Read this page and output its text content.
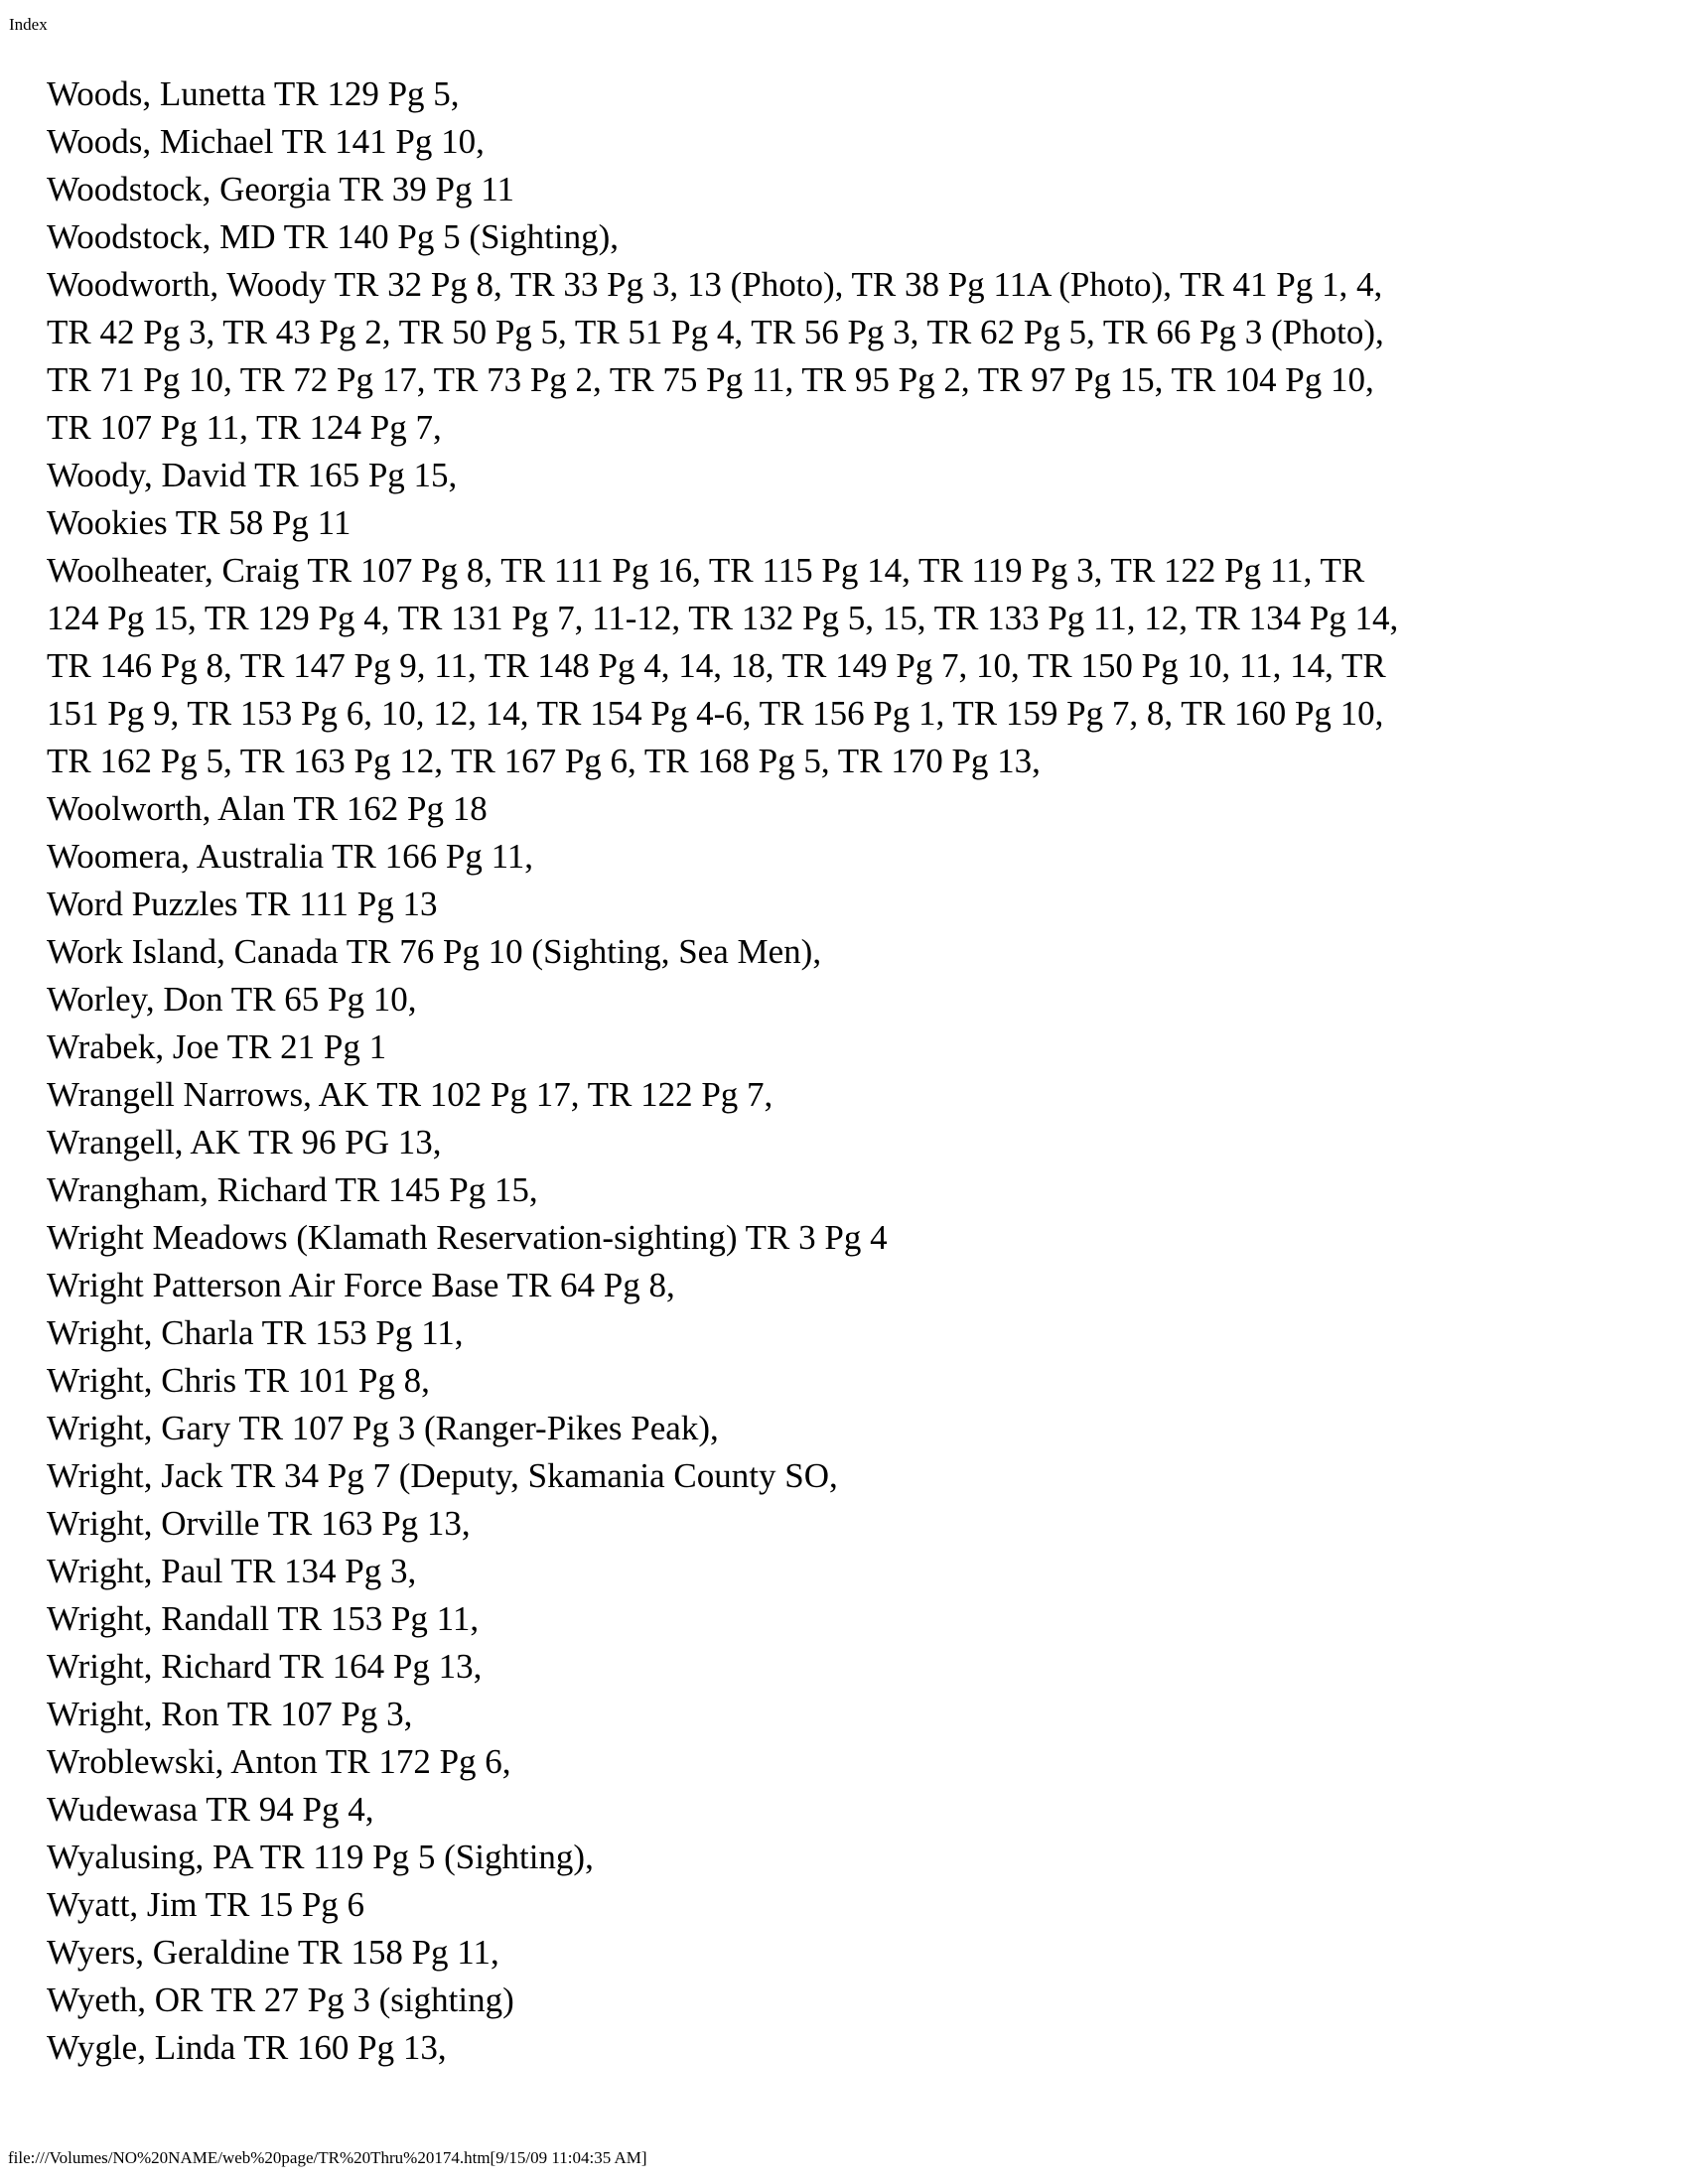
Index
Woods, Lunetta TR 129 Pg 5,
Woods, Michael TR 141 Pg 10,
Woodstock, Georgia TR 39 Pg 11
Woodstock, MD TR 140 Pg 5 (Sighting),
Woodworth, Woody TR 32 Pg 8, TR 33 Pg 3, 13 (Photo), TR 38 Pg 11A (Photo), TR 41 Pg 1, 4,
TR 42 Pg 3, TR 43 Pg 2, TR 50 Pg 5, TR 51 Pg 4, TR 56 Pg 3, TR 62 Pg 5, TR 66 Pg 3 (Photo),
TR 71 Pg 10, TR 72 Pg 17, TR 73 Pg 2, TR 75 Pg 11, TR 95 Pg 2, TR 97 Pg 15, TR 104 Pg 10,
TR 107 Pg 11, TR 124 Pg 7,
Woody, David TR 165 Pg 15,
Wookies TR 58 Pg 11
Woolheater, Craig TR 107 Pg 8, TR 111 Pg 16, TR 115 Pg 14, TR 119 Pg 3, TR 122 Pg 11, TR
124 Pg 15, TR 129 Pg 4, TR 131 Pg 7, 11-12, TR 132 Pg 5, 15, TR 133 Pg 11, 12, TR 134 Pg 14,
TR 146 Pg 8, TR 147 Pg 9, 11, TR 148 Pg 4, 14, 18, TR 149 Pg 7, 10, TR 150 Pg 10, 11, 14, TR
151 Pg 9, TR 153 Pg 6, 10, 12, 14, TR 154 Pg 4-6, TR 156 Pg 1, TR 159 Pg 7, 8, TR 160 Pg 10,
TR 162 Pg 5, TR 163 Pg 12, TR 167 Pg 6, TR 168 Pg 5, TR 170 Pg 13,
Woolworth, Alan TR 162 Pg 18
Woomera, Australia TR 166 Pg 11,
Word Puzzles TR 111 Pg 13
Work Island, Canada TR 76 Pg 10 (Sighting, Sea Men),
Worley, Don TR 65 Pg 10,
Wrabek, Joe TR 21 Pg 1
Wrangell Narrows, AK TR 102 Pg 17, TR 122 Pg 7,
Wrangell, AK TR 96 PG 13,
Wrangham, Richard TR 145 Pg 15,
Wright Meadows (Klamath Reservation-sighting) TR 3 Pg 4
Wright Patterson Air Force Base TR 64 Pg 8,
Wright, Charla TR 153 Pg 11,
Wright, Chris TR 101 Pg 8,
Wright, Gary TR 107 Pg 3 (Ranger-Pikes Peak),
Wright, Jack TR 34 Pg 7 (Deputy, Skamania County SO,
Wright, Orville TR 163 Pg 13,
Wright, Paul TR 134 Pg 3,
Wright, Randall TR 153 Pg 11,
Wright, Richard TR 164 Pg 13,
Wright, Ron TR 107 Pg 3,
Wroblewski, Anton TR 172 Pg 6,
Wudewasa TR 94 Pg 4,
Wyalusing, PA TR 119 Pg 5 (Sighting),
Wyatt, Jim TR 15 Pg 6
Wyers, Geraldine TR 158 Pg 11,
Wyeth, OR TR 27 Pg 3 (sighting)
Wygle, Linda TR 160 Pg 13,
file:///Volumes/NO%20NAME/web%20page/TR%20Thru%20174.htm[9/15/09 11:04:35 AM]
